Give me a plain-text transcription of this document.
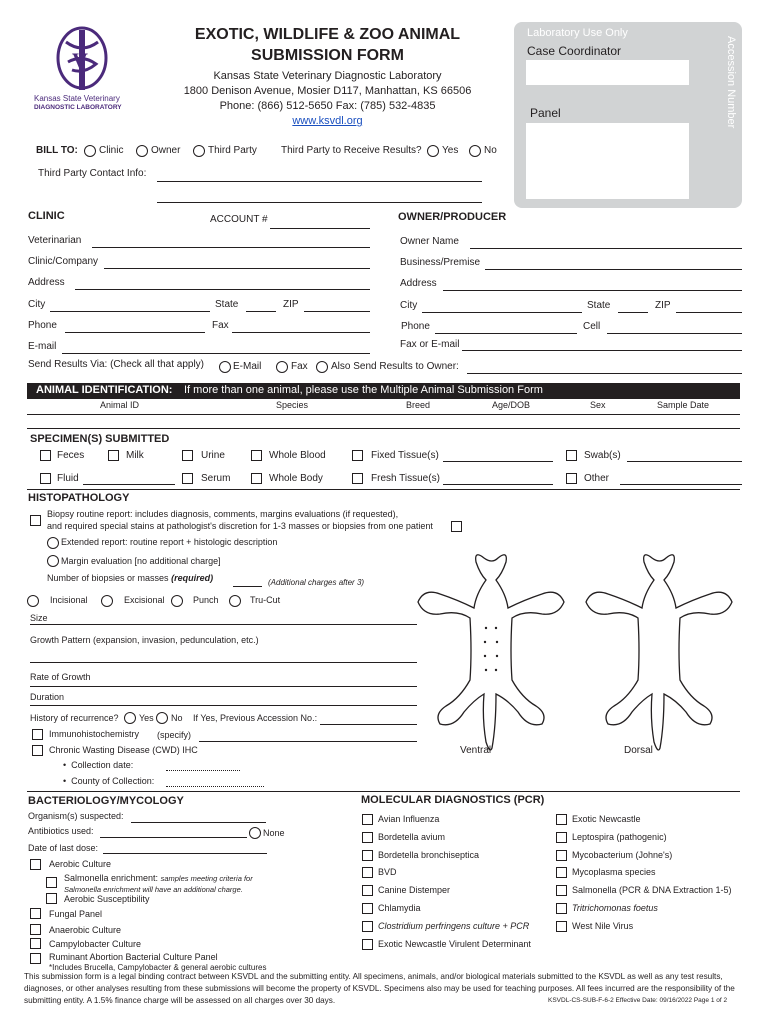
V
Kansas State Veterinary
DIAGNOSTIC LABORATORY
EXOTIC, WILDLIFE & ZOO ANIMAL
SUBMISSION FORM
Kansas State Veterinary Diagnostic Laboratory
1800 Denison Avenue, Mosier D117, Manhattan, KS 66506
Phone: (866) 512-5650 Fax: (785) 532-4835
www.ksvdl.org
Laboratory Use Only
Case Coordinator
Panel	Accession Number
BILL TO: Clinic	Owner	Third Party Third Party to Receive Results? Yes	No
Third Party Contact Info:
CLINIC	ACCOUNT #	OWNER/PRODUCER
Veterinarian	Owner Name
Clinic/Company	Business/Premise
Address	Address
City	State	ZIP	City	State	ZIP
Phone	Fax	Phone	Cell
E-mail	Fax or E-mail
Send Results Via: (Check all that apply)	E-Mail	Fax Also Send Results to Owner:
ANIMAL IDENTIFICATION: If more than one animal, please use the Multiple Animal Submission Form
Animal ID	Species	Breed	Age/DOB	Sex	Sample Date
SPECIMEN(S) SUBMITTED
Feces	Milk	Urine	Whole Blood	Fixed Tissue(s)	Swab(s)
Fluid	Serum	Whole Body	Fresh Tissue(s)	Other
HISTOPATHOLOGY
Biopsy routine report: includes diagnosis, comments, margins evaluations (if requested),
and required special stains at pathologist's discretion for 1-3 masses or biopsies from one patient
Extended report: routine report + histologic description
Margin evaluation [no additional charge]
Number of biopsies or masses (required)	(Additional charges after 3)
Incisional	Excisional	Punch	Tru-Cut
Size
Growth Pattern (expansion, invasion, pedunculation, etc.)
Rate of Growth
Duration
History of recurrence? Yes No If Yes, Previous Accession No.:
Immunohistochemistry (specify)
Chronic Wasting Disease (CWD) IHC
•  Collection date:
•  County of Collection:
Ventral	Dorsal
BACTERIOLOGY/MYCOLOGY
Organism(s) suspected:
Antibiotics used:	None
Date of last dose:
Aerobic Culture
Salmonella enrichment: samples meeting criteria for
Salmonella enrichment will have an additional charge.
Aerobic Susceptibility
Fungal Panel
Anaerobic Culture
Campylobacter Culture
Ruminant Abortion Bacterial Culture Panel
*Includes Brucella, Campylobacter & general aerobic cultures
MOLECULAR DIAGNOSTICS (PCR)
Avian Influenza
Bordetella avium
Bordetella bronchiseptica
BVD
Canine Distemper
Chlamydia
Clostridium perfringens culture + PCR
Exotic Newcastle Virulent Determinant
Exotic Newcastle
Leptospira (pathogenic)
Mycobacterium (Johne's)
Mycoplasma species
Salmonella (PCR & DNA Extraction 1-5)
Tritrichomonas foetus
West Nile Virus
This submission form is a legal binding contract between KSVDL and the submitting entity. All specimens, animals, and/or biological materials submitted to the KSVDL as well as any test results,
diagnoses, or other analyses resulting from these submissions will become the property of KSVDL. Specimens also may be used for teaching purposes. All fees incurred are the responsibility of the
submitting entity. A 1.5% finance charge will be assessed on all charges over 30 days.	KSVDL-CS-SUB-F-6-2 Effective Date: 09/16/2022 Page 1 of 2
